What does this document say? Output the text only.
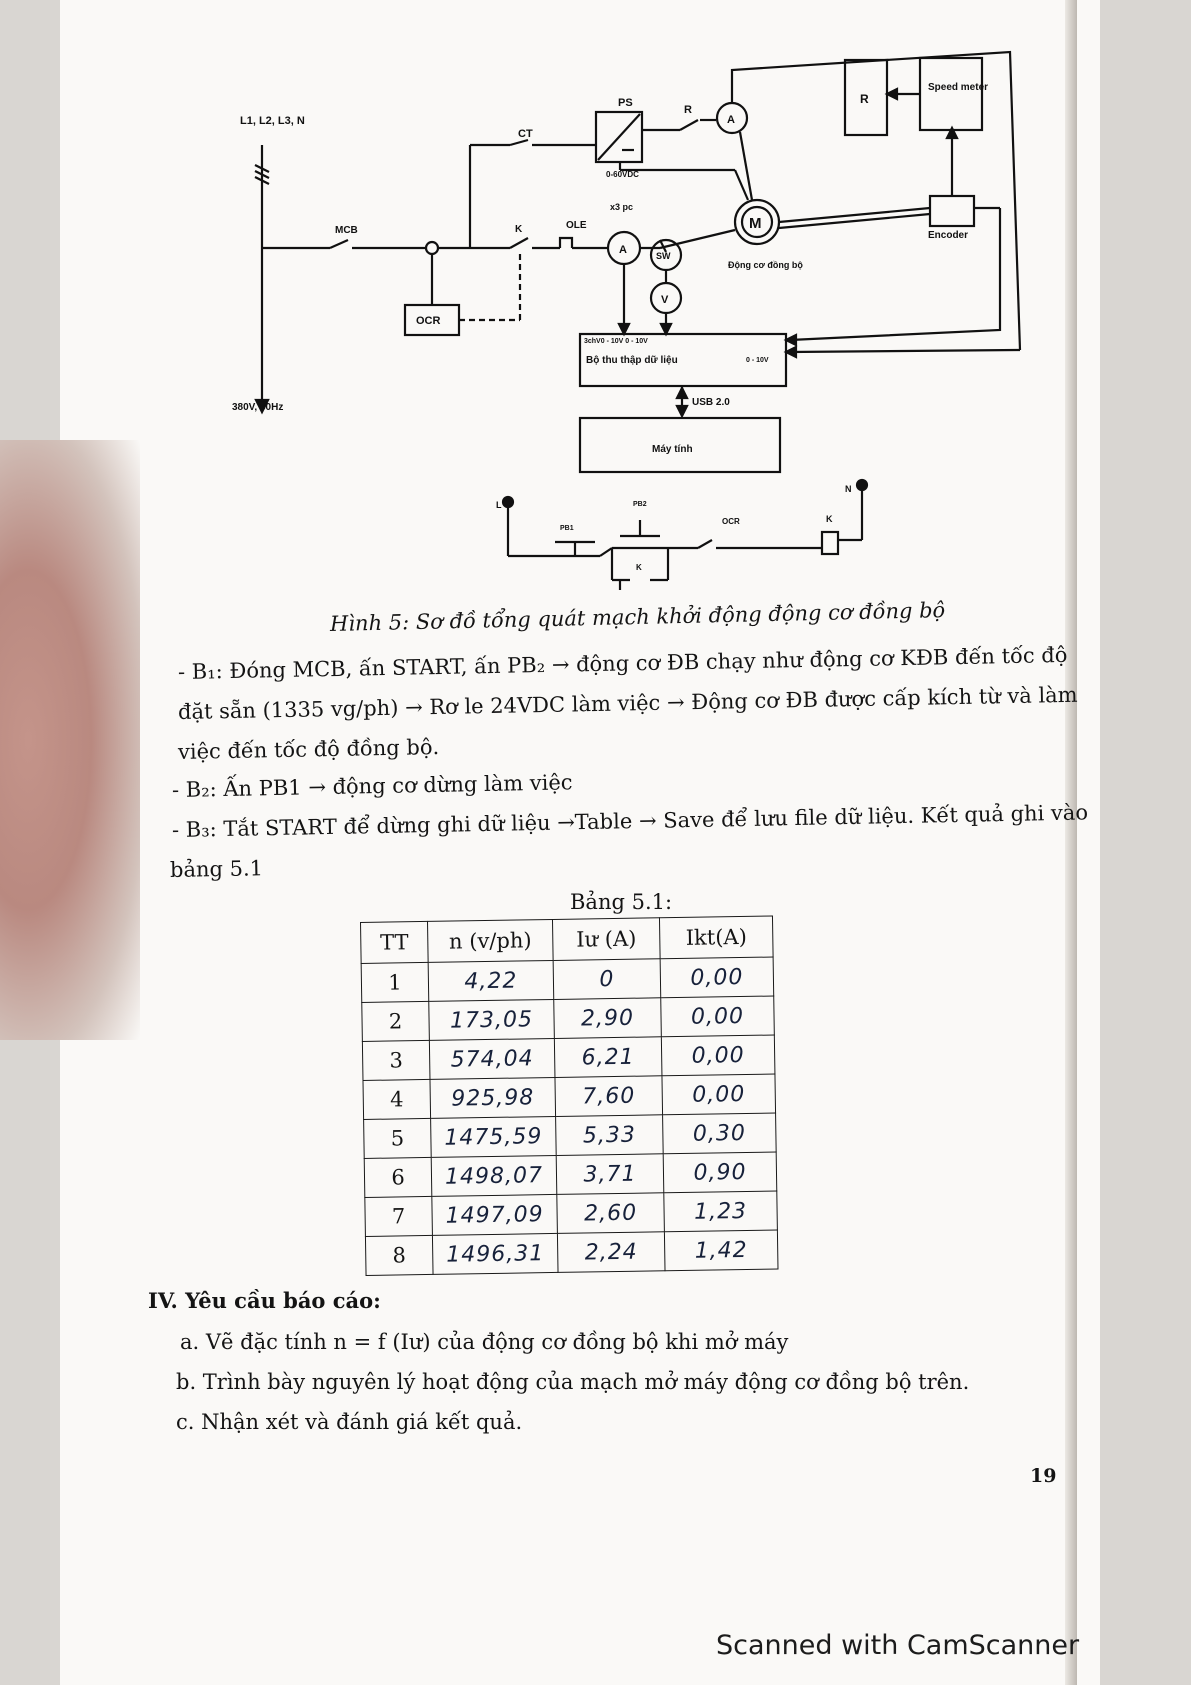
L1, L2, L3, N
380V, 50Hz
MCB
CT
PS
0-60VDC
R
A
R
Speed meter
K	OLE
x3 pc
A
M
Encoder
SW
V
Động cơ đồng bộ
OCR
3chV0 - 10V 0 - 10V
Bộ thu thập dữ liệu	0 - 10V
USB 2.0
Máy tính
L
N
PB1
PB2
OCR	K
K
Hình 5: Sơ đồ tổng quát mạch khởi động động cơ đồng bộ
- B₁: Đóng MCB, ấn START, ấn PB₂ → động cơ ĐB chạy như động cơ KĐB đến tốc độ
đặt sẵn (1335 vg/ph) → Rơ le 24VDC làm việc → Động cơ ĐB được cấp kích từ và làm
việc đến tốc độ đồng bộ.
- B₂: Ấn PB1 → động cơ dừng làm việc
- B₃: Tắt START để dừng ghi dữ liệu →Table → Save để lưu file dữ liệu. Kết quả ghi vào
bảng 5.1
Bảng 5.1:
TT	n (v/ph)	Iư (A)	Ikt(A)
1	4,22	0	0,00
2	173,05	2,90	0,00
3	574,04	6,21	0,00
4	925,98	7,60	0,00
5	1475,59	5,33	0,30
6	1498,07	3,71	0,90
7	1497,09	2,60	1,23
8	1496,31	2,24	1,42
IV. Yêu cầu báo cáo:
a. Vẽ đặc tính n = f (Iư) của động cơ đồng bộ khi mở máy
b. Trình bày nguyên lý hoạt động của mạch mở máy động cơ đồng bộ trên.
c. Nhận xét và đánh giá kết quả.
19
Scanned with CamScanner
